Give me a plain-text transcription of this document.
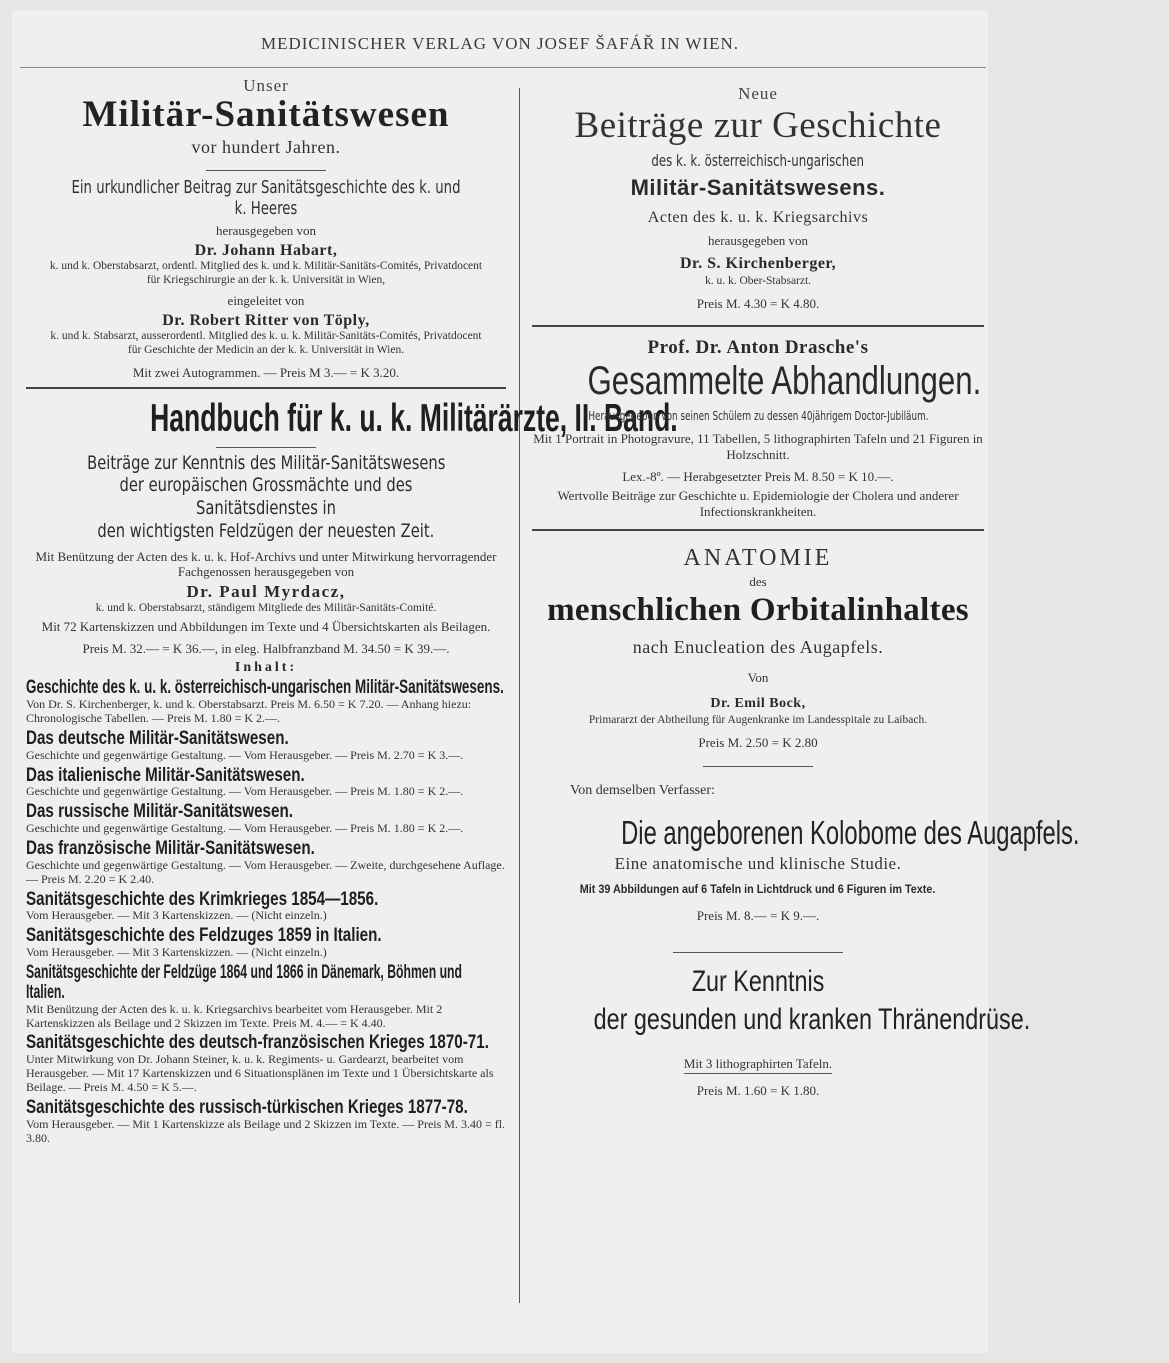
MEDICINISCHER VERLAG VON JOSEF ŠAFÁŘ IN WIEN.
Unser
Militär-Sanitätswesen
vor hundert Jahren.
Ein urkundlicher Beitrag zur Sanitätsgeschichte des k. und k. Heeres
herausgegeben von
Dr. Johann Habart,
k. und k. Oberstabsarzt, ordentl. Mitglied des k. und k. Militär-Sanitäts-Comités, Privatdocent für Kriegschirurgie an der k. k. Universität in Wien,
eingeleitet von
Dr. Robert Ritter von Töply,
k. und k. Stabsarzt, ausserordentl. Mitglied des k. u. k. Militär-Sanitäts-Comités, Privatdocent für Geschichte der Medicin an der k. k. Universität in Wien.
Mit zwei Autogrammen. — Preis M 3.— = K 3.20.
Handbuch für k. u. k. Militärärzte, II. Band.
Beiträge zur Kenntnis des Militär-Sanitätswesens
der europäischen Grossmächte und des Sanitätsdienstes in
den wichtigsten Feldzügen der neuesten Zeit.
Mit Benützung der Acten des k. u. k. Hof-Archivs und unter Mitwirkung hervorragender Fachgenossen herausgegeben von
Dr. Paul Myrdacz,
k. und k. Oberstabsarzt, ständigem Mitgliede des Militär-Sanitäts-Comité.
Mit 72 Kartenskizzen und Abbildungen im Texte und 4 Übersichtskarten als Beilagen.
Preis M. 32.— = K 36.—, in eleg. Halbfranzband M. 34.50 = K 39.—.
Inhalt:
Geschichte des k. u. k. österreichisch-ungarischen Militär-Sanitätswesens.
Von Dr. S. Kirchenberger, k. und k. Oberstabsarzt. Preis M. 6.50 = K 7.20. — Anhang hiezu: Chronologische Tabellen. — Preis M. 1.80 = K 2.—.
Das deutsche Militär-Sanitätswesen.
Geschichte und gegenwärtige Gestaltung. — Vom Herausgeber. — Preis M. 2.70 = K 3.—.
Das italienische Militär-Sanitätswesen.
Geschichte und gegenwärtige Gestaltung. — Vom Herausgeber. — Preis M. 1.80 = K 2.—.
Das russische Militär-Sanitätswesen.
Geschichte und gegenwärtige Gestaltung. — Vom Herausgeber. — Preis M. 1.80 = K 2.—.
Das französische Militär-Sanitätswesen.
Geschichte und gegenwärtige Gestaltung. — Vom Herausgeber. — Zweite, durchgesehene Auflage. — Preis M. 2.20 = K 2.40.
Sanitätsgeschichte des Krimkrieges 1854—1856.
Vom Herausgeber. — Mit 3 Kartenskizzen. — (Nicht einzeln.)
Sanitätsgeschichte des Feldzuges 1859 in Italien.
Vom Herausgeber. — Mit 3 Kartenskizzen. — (Nicht einzeln.)
Sanitätsgeschichte der Feldzüge 1864 und 1866 in Dänemark, Böhmen und Italien.
Mit Benützung der Acten des k. u. k. Kriegsarchivs bearbeitet vom Herausgeber. Mit 2 Kartenskizzen als Beilage und 2 Skizzen im Texte. Preis M. 4.— = K 4.40.
Sanitätsgeschichte des deutsch-französischen Krieges 1870-71.
Unter Mitwirkung von Dr. Johann Steiner, k. u. k. Regiments- u. Gardearzt, bearbeitet vom Herausgeber. — Mit 17 Kartenskizzen und 6 Situationsplänen im Texte und 1 Übersichtskarte als Beilage. — Preis M. 4.50 = K 5.—.
Sanitätsgeschichte des russisch-türkischen Krieges 1877-78.
Vom Herausgeber. — Mit 1 Kartenskizze als Beilage und 2 Skizzen im Texte. — Preis M. 3.40 = fl. 3.80.
Neue
Beiträge zur Geschichte
des k. k. österreichisch-ungarischen
Militär-Sanitätswesens.
Acten des k. u. k. Kriegsarchivs
herausgegeben von
Dr. S. Kirchenberger,
k. u. k. Ober-Stabsarzt.
Preis M. 4.30 = K 4.80.
Prof. Dr. Anton Drasche's
Gesammelte Abhandlungen.
Herausgegeben von seinen Schülern zu dessen 40jährigem Doctor-Jubiläum.
Mit 1 Portrait in Photogravure, 11 Tabellen, 5 lithographirten Tafeln und 21 Figuren in Holzschnitt.
Lex.-8º. — Herabgesetzter Preis M. 8.50 = K 10.—.
Wertvolle Beiträge zur Geschichte u. Epidemiologie der Cholera und anderer Infectionskrankheiten.
ANATOMIE
des
menschlichen Orbitalinhaltes
nach Enucleation des Augapfels.
Von
Dr. Emil Bock,
Primararzt der Abtheilung für Augenkranke im Landesspitale zu Laibach.
Preis M. 2.50 = K 2.80
Von demselben Verfasser:
Die angeborenen Kolobome des Augapfels.
Eine anatomische und klinische Studie.
Mit 39 Abbildungen auf 6 Tafeln in Lichtdruck und 6 Figuren im Texte.
Preis M. 8.— = K 9.—.
Zur Kenntnis
der gesunden und kranken Thränendrüse.
Mit 3 lithographirten Tafeln.
Preis M. 1.60 = K 1.80.
